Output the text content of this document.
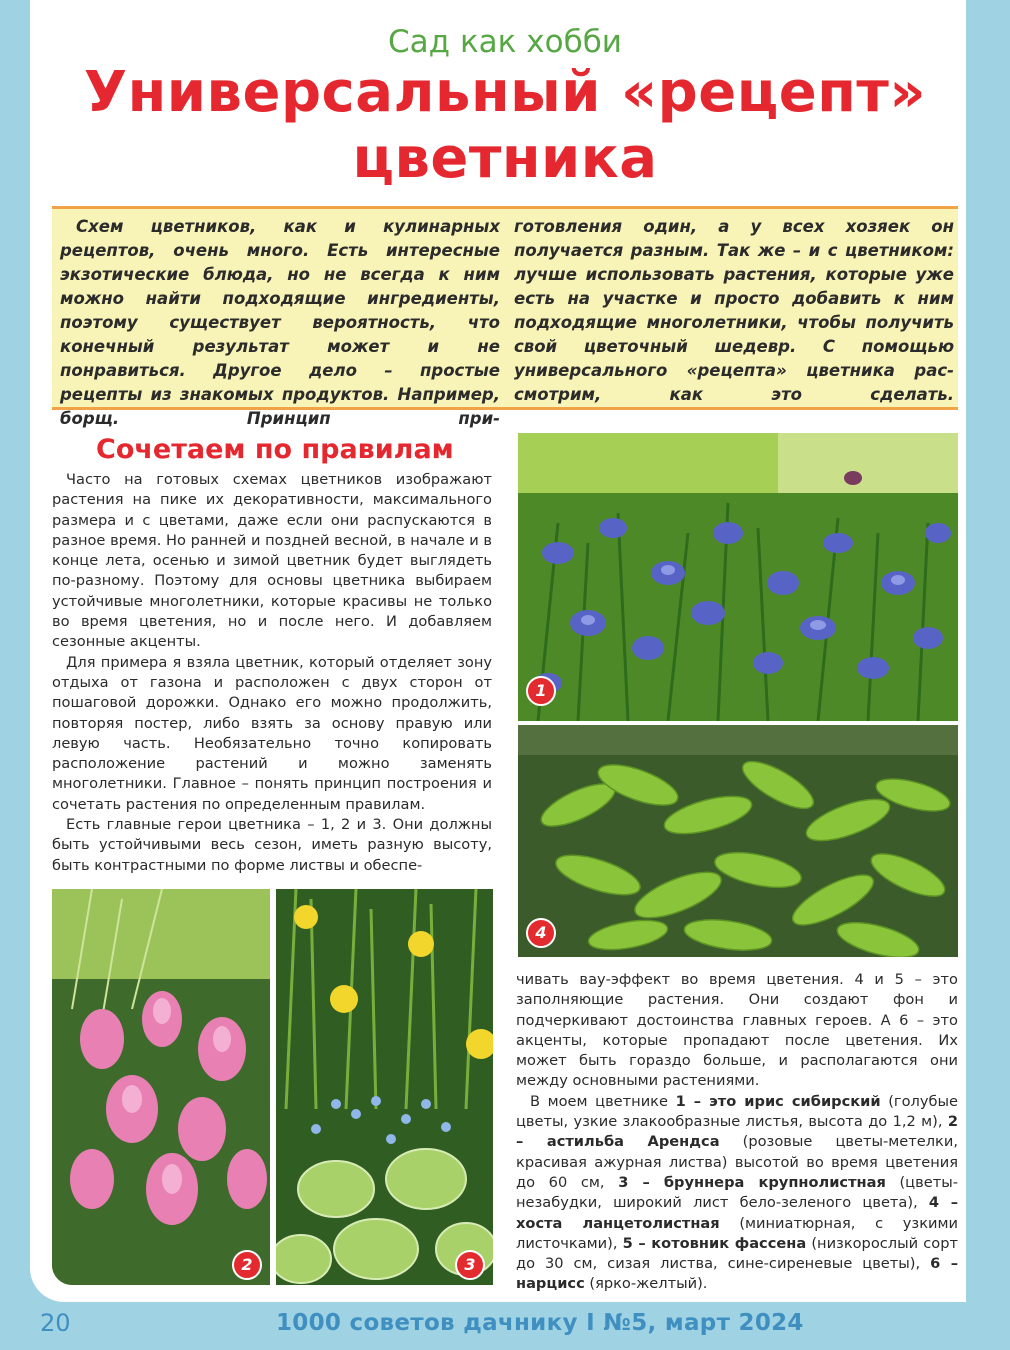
Сад как хобби
Универсальный «рецепт»
цветника

Схем цветников, как и кулинарных рецептов, очень много. Есть интересные экзотические блюда, но не всегда к ним можно найти подходящие ингредиенты, поэтому существует вероятность, что конечный результат может и не понравиться. Другое дело – простые рецепты из знакомых продуктов. Например, борщ. Принцип при-

готовления один, а у всех хозяек он получается разным. Так же – и с цветником: лучше использовать растения, которые уже есть на участке и просто добавить к ним подходящие многолетники, чтобы получить свой цветочный шедевр. С помощью универсального «рецепта» цветника рас- смотрим, как это сделать.

Сочетаем по правилам

Часто на готовых схемах цветников изображают растения на пике их декоративности, максимального размера и с цветами, даже если они распускаются в разное время. Но ранней и поздней весной, в начале и в конце лета, осенью и зимой цветник будет выглядеть по-разному. Поэтому для основы цветника выбираем устойчивые многолетники, которые красивы не только во время цветения, но и после него. И добавляем сезонные акценты.

Для примера я взяла цветник, который отделяет зону отдыха от газона и расположен с двух сторон от пошаговой дорожки. Однако его можно продолжить, повторяя постер, либо взять за основу правую или левую часть. Необязательно точно копировать расположение растений и можно заменять многолетники. Главное – понять принцип построения и сочетать растения по определенным правилам.

Есть главные герои цветника – 1, 2 и 3. Они должны быть устойчивыми весь сезон, иметь разную высоту, быть контрастными по форме листвы и обеспе-

1
4
2	3

чивать вау-эффект во время цветения. 4 и 5 – это заполняющие растения. Они создают фон и подчеркивают достоинства главных героев. А 6 – это акценты, которые пропадают после цветения. Их может быть гораздо больше, и располагаются они между основными растениями.

В моем цветнике 1 – это ирис сибирский (голубые цветы, узкие злакообразные листья, высота до 1,2 м), 2 – астильба Арендса (розовые цветы-метелки, красивая ажурная листва) высотой во время цветения до 60 см, 3 – бруннера крупнолистная (цветы-незабудки, широкий лист бело-зеленого цвета), 4 – хоста ланцетолистная (миниатюрная, с узкими листочками), 5 – котовник фассена (низкорослый сорт до 30 см, сизая листва, сине-сиреневые цветы), 6 – нарцисс (ярко-желтый).

20	1000 советов дачнику I №5, март 2024
